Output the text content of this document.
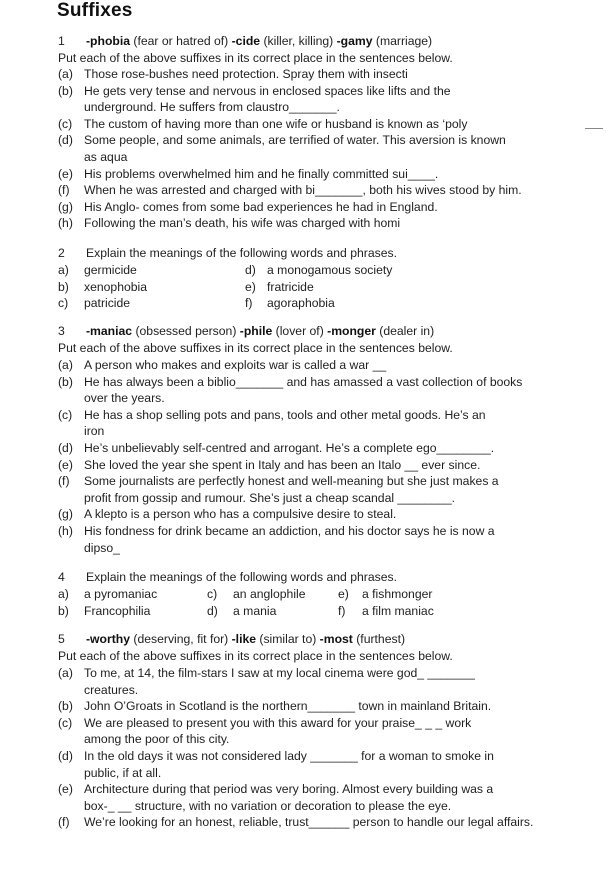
Suffixes
1 -phobia (fear or hatred of) -cide (killer, killing) -gamy (marriage)
Put each of the above suffixes in its correct place in the sentences below.
(a) Those rose-bushes need protection. Spray them with insecti
(b) He gets very tense and nervous in enclosed spaces like lifts and the
underground. He suffers from claustro_______.
(c) The custom of having more than one wife or husband is known as ‘poly
(d) Some people, and some animals, are terrified of water. This aversion is known
as aqua
(e) His problems overwhelmed him and he finally committed sui____.
(f) When he was arrested and charged with bi_______, both his wives stood by him.
(g) His Anglo- comes from some bad experiences he had in England.
(h) Following the man’s death, his wife was charged with homi
2 Explain the meanings of the following words and phrases.
a) germicide	d) a monogamous society
b) xenophobia	e) fratricide
c) patricide	f) agoraphobia
3 -maniac (obsessed person) -phile (lover of) -monger (dealer in)
Put each of the above suffixes in its correct place in the sentences below.
(a) A person who makes and exploits war is called a war __
(b) He has always been a biblio_______ and has amassed a vast collection of books
over the years.
(c) He has a shop selling pots and pans, tools and other metal goods. He’s an
iron
(d) He’s unbelievably self-centred and arrogant. He’s a complete ego________.
(e) She loved the year she spent in Italy and has been an Italo __ ever since.
(f) Some journalists are perfectly honest and well-meaning but she just makes a
profit from gossip and rumour. She’s just a cheap scandal ________.
(g) A klepto is a person who has a compulsive desire to steal.
(h) His fondness for drink became an addiction, and his doctor says he is now a
dipso_
4 Explain the meanings of the following words and phrases.
a) a pyromaniac	c) an anglophile	e) a fishmonger
b) Francophilia	d) a mania	f) a film maniac
5 -worthy (deserving, fit for) -like (similar to) -most (furthest)
Put each of the above suffixes in its correct place in the sentences below.
(a) To me, at 14, the film-stars I saw at my local cinema were god_ _______
creatures.
(b) John O’Groats in Scotland is the northern_______ town in mainland Britain.
(c) We are pleased to present you with this award for your praise_ _ _ work
among the poor of this city.
(d) In the old days it was not considered lady _______ for a woman to smoke in
public, if at all.
(e) Architecture during that period was very boring. Almost every building was a
box-_ __ structure, with no variation or decoration to please the eye.
(f) We’re looking for an honest, reliable, trust______ person to handle our legal affairs.
